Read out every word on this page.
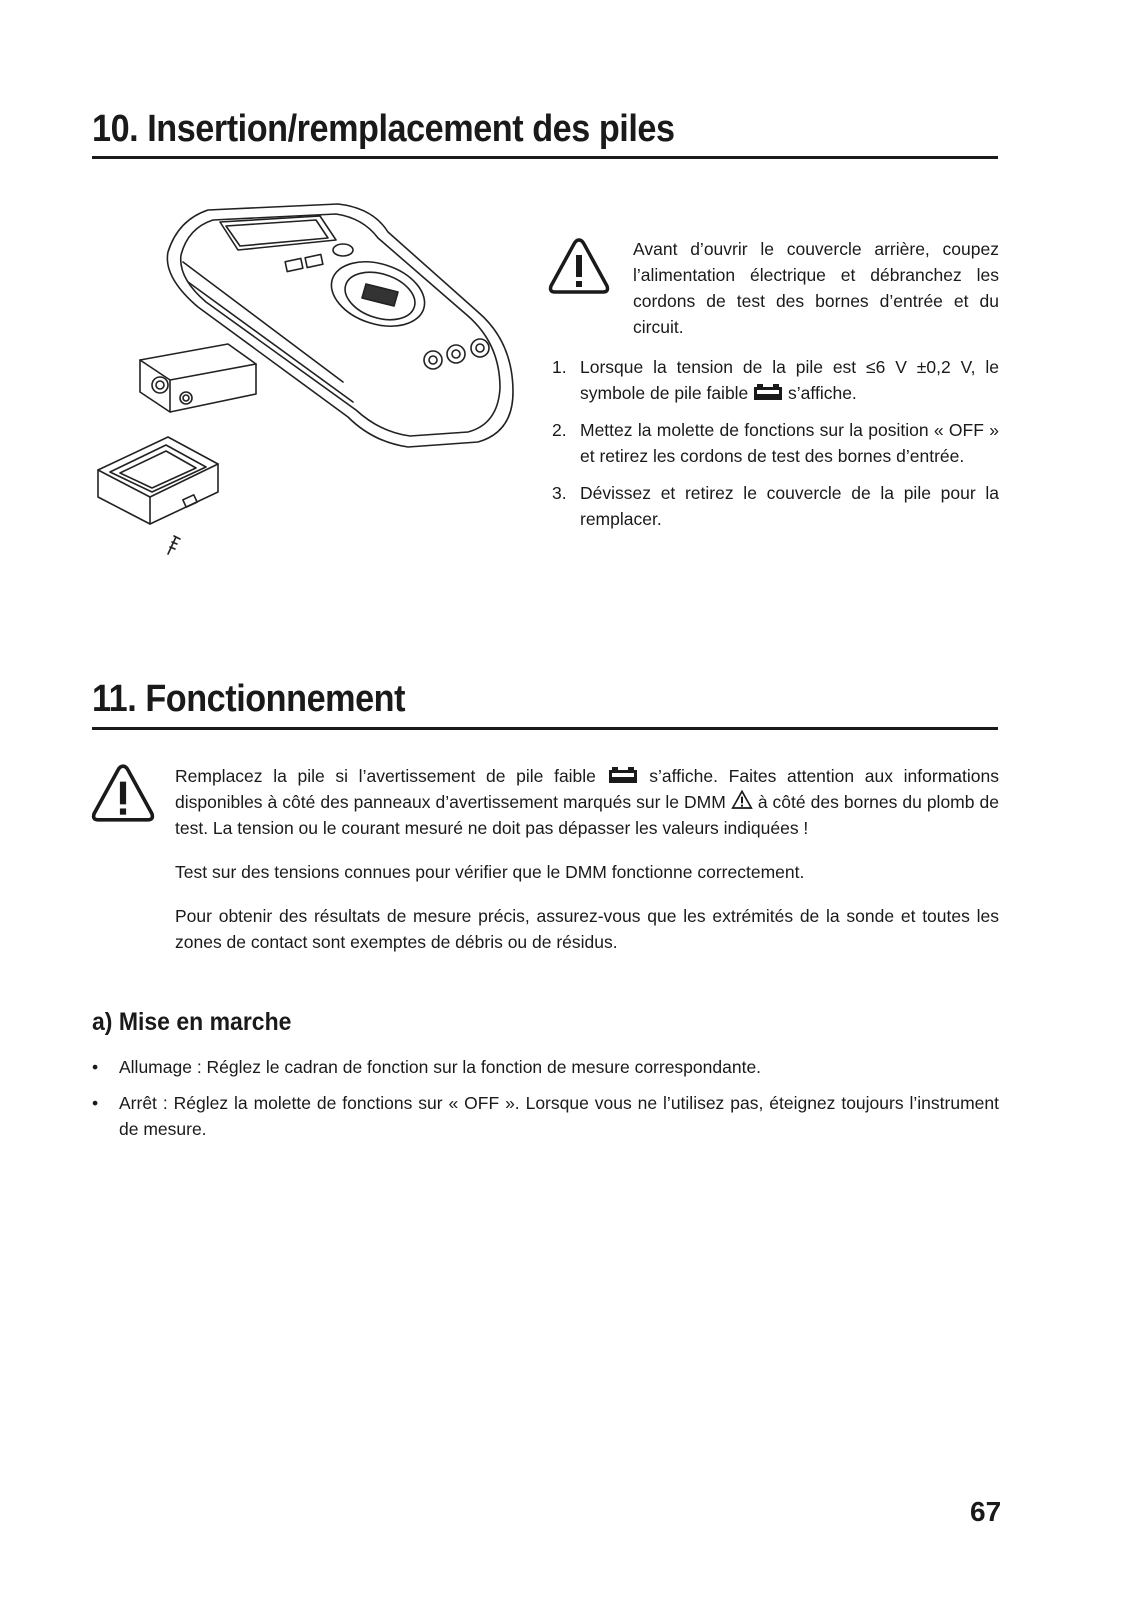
10. Insertion/remplacement des piles

Avant d’ouvrir le couvercle arrière, coupez l’alimentation électrique et débranchez les cordons de test des bornes d’entrée et du circuit.

1. Lorsque la tension de la pile est ≤6 V ±0,2 V, le symbole de pile faible s’affiche.
2. Mettez la molette de fonctions sur la position « OFF » et retirez les cordons de test des bornes d’entrée.
3. Dévissez et retirez le couvercle de la pile pour la remplacer.
11. Fonctionnement

Remplacez la pile si l’avertissement de pile faible	s’affiche. Faites attention aux informations disponibles à côté des panneaux d’avertissement marqués sur le DMM à côté des bornes du plomb de test. La tension ou le courant mesuré ne doit pas dépasser les valeurs indiquées !

Test sur des tensions connues pour vérifier que le DMM fonctionne correctement.

Pour obtenir des résultats de mesure précis, assurez-vous que les extrémités de la sonde et toutes les zones de contact sont exemptes de débris ou de résidus.

a) Mise en marche
• Allumage : Réglez le cadran de fonction sur la fonction de mesure correspondante.
• Arrêt : Réglez la molette de fonctions sur « OFF ». Lorsque vous ne l’utilisez pas, éteignez toujours l’instrument de mesure.
67
